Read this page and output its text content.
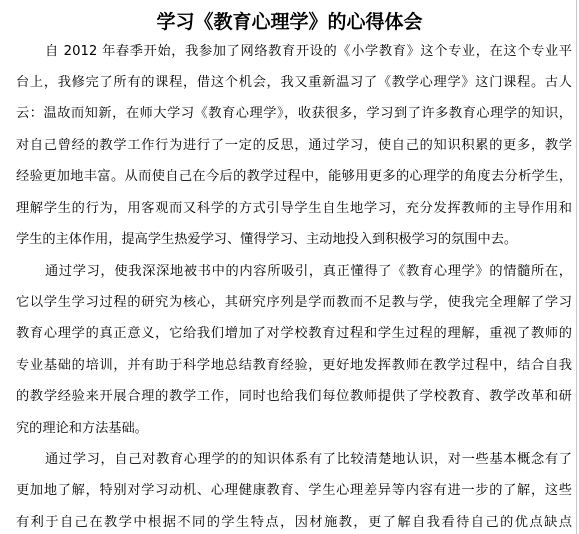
学习《教育心理学》的心得体会
自 2012 年春季开始，我参加了网络教育开设的《小学教育》这个专业，在这个专业平
台上，我修完了所有的课程，借这个机会，我又重新温习了《教学心理学》这门课程。古人
云：温故而知新，在师大学习《教育心理学》，收获很多，学习到了许多教育心理学的知识，
对自己曾经的教学工作行为进行了一定的反思，通过学习，使自己的知识积累的更多，教学
经验更加地丰富。从而使自己在今后的教学过程中，能够用更多的心理学的角度去分析学生，
理解学生的行为，用客观而又科学的方式引导学生自生地学习，充分发挥教师的主导作用和
学生的主体作用，提高学生热爱学习、懂得学习、主动地投入到积极学习的氛围中去。
通过学习，使我深深地被书中的内容所吸引，真正懂得了《教育心理学》的情髓所在，
它以学生学习过程的研究为核心，其研究序列是学而教而不足教与学，使我完全理解了学习
教育心理学的真正意义，它给我们增加了对学校教育过程和学生过程的理解，重视了教师的
专业基础的培训，并有助于科学地总结教育经验，更好地发挥教师在教学过程中，结合自我
的教学经验来开展合理的教学工作，同时也给我们每位教师提供了学校教育、教学改革和研
究的理论和方法基础。
通过学习，自己对教育心理学的的知识体系有了比较清楚地认识，对一些基本概念有了
更加地了解，特别对学习动机、心理健康教育、学生心理差异等内容有进一步的了解，这些
有利于自己在教学中根据不同的学生特点，因材施教，更了解自我看待自己的优点缺点
